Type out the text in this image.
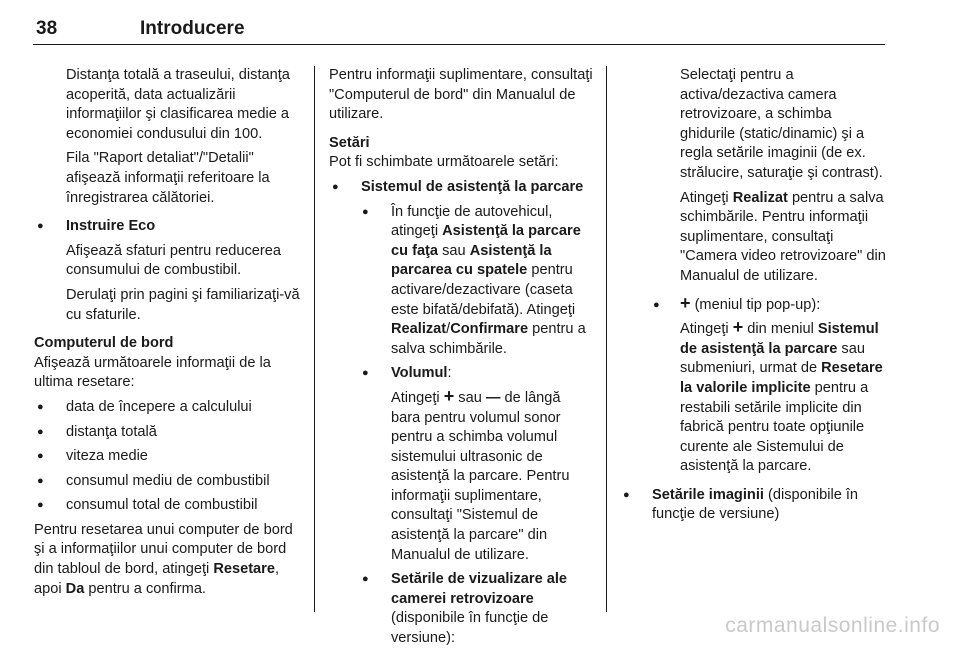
38	Introducere

Distanţa totală a traseului, distanţa acoperită, data actualizării informaţiilor şi clasificarea medie a economiei condusului din 100.

Fila "Raport detaliat"/"Detalii" afişează informaţii referitoare la înregistrarea călătoriei.

● Instruire Eco

Afişează sfaturi pentru reducerea consumului de combustibil.

Derulaţi prin pagini şi familiarizaţi-vă cu sfaturile.

Computerul de bord

Afişează următoarele informaţii de la ultima resetare:

● data de începere a calculului

● distanţa totală

● viteza medie

● consumul mediu de combustibil

● consumul total de combustibil

Pentru resetarea unui computer de bord şi a informaţiilor unui computer de bord din tabloul de bord, atingeţi Resetare, apoi Da pentru a confirma.

Pentru informaţii suplimentare, consultaţi "Computerul de bord" din Manualul de utilizare.

Setări

Pot fi schimbate următoarele setări:

● Sistemul de asistenţă la parcare

● În funcţie de autovehicul, atingeţi Asistenţă la parcare cu faţa sau Asistenţă la parcarea cu spatele pentru activare/dezactivare (caseta este bifată/debifată). Atingeţi Realizat/Confirmare pentru a salva schimbările.

● Volumul:

Atingeţi + sau — de lângă bara pentru volumul sonor pentru a schimba volumul sistemului ultrasonic de asistenţă la parcare. Pentru informaţii suplimentare, consultaţi "Sistemul de asistenţă la parcare" din Manualul de utilizare.

● Setările de vizualizare ale camerei retrovizoare

(disponibile în funcţie de versiune):

Selectaţi pentru a activa/dezactiva camera retrovizoare, a schimba ghidurile (static/dinamic) şi a regla setările imaginii (de ex. strălucire, saturaţie şi contrast).

Atingeţi Realizat pentru a salva schimbările. Pentru informaţii suplimentare, consultaţi "Camera video retrovizoare" din Manualul de utilizare.

● + (meniul tip pop-up):

Atingeţi + din meniul Sistemul de asistenţă la parcare sau submeniuri, urmat de Resetare la valorile implicite pentru a restabili setările implicite din fabrică pentru toate opţiunile curente ale Sistemului de asistenţă la parcare.

● Setările imaginii (disponibile în funcţie de versiune)

carmanualsonline.info
